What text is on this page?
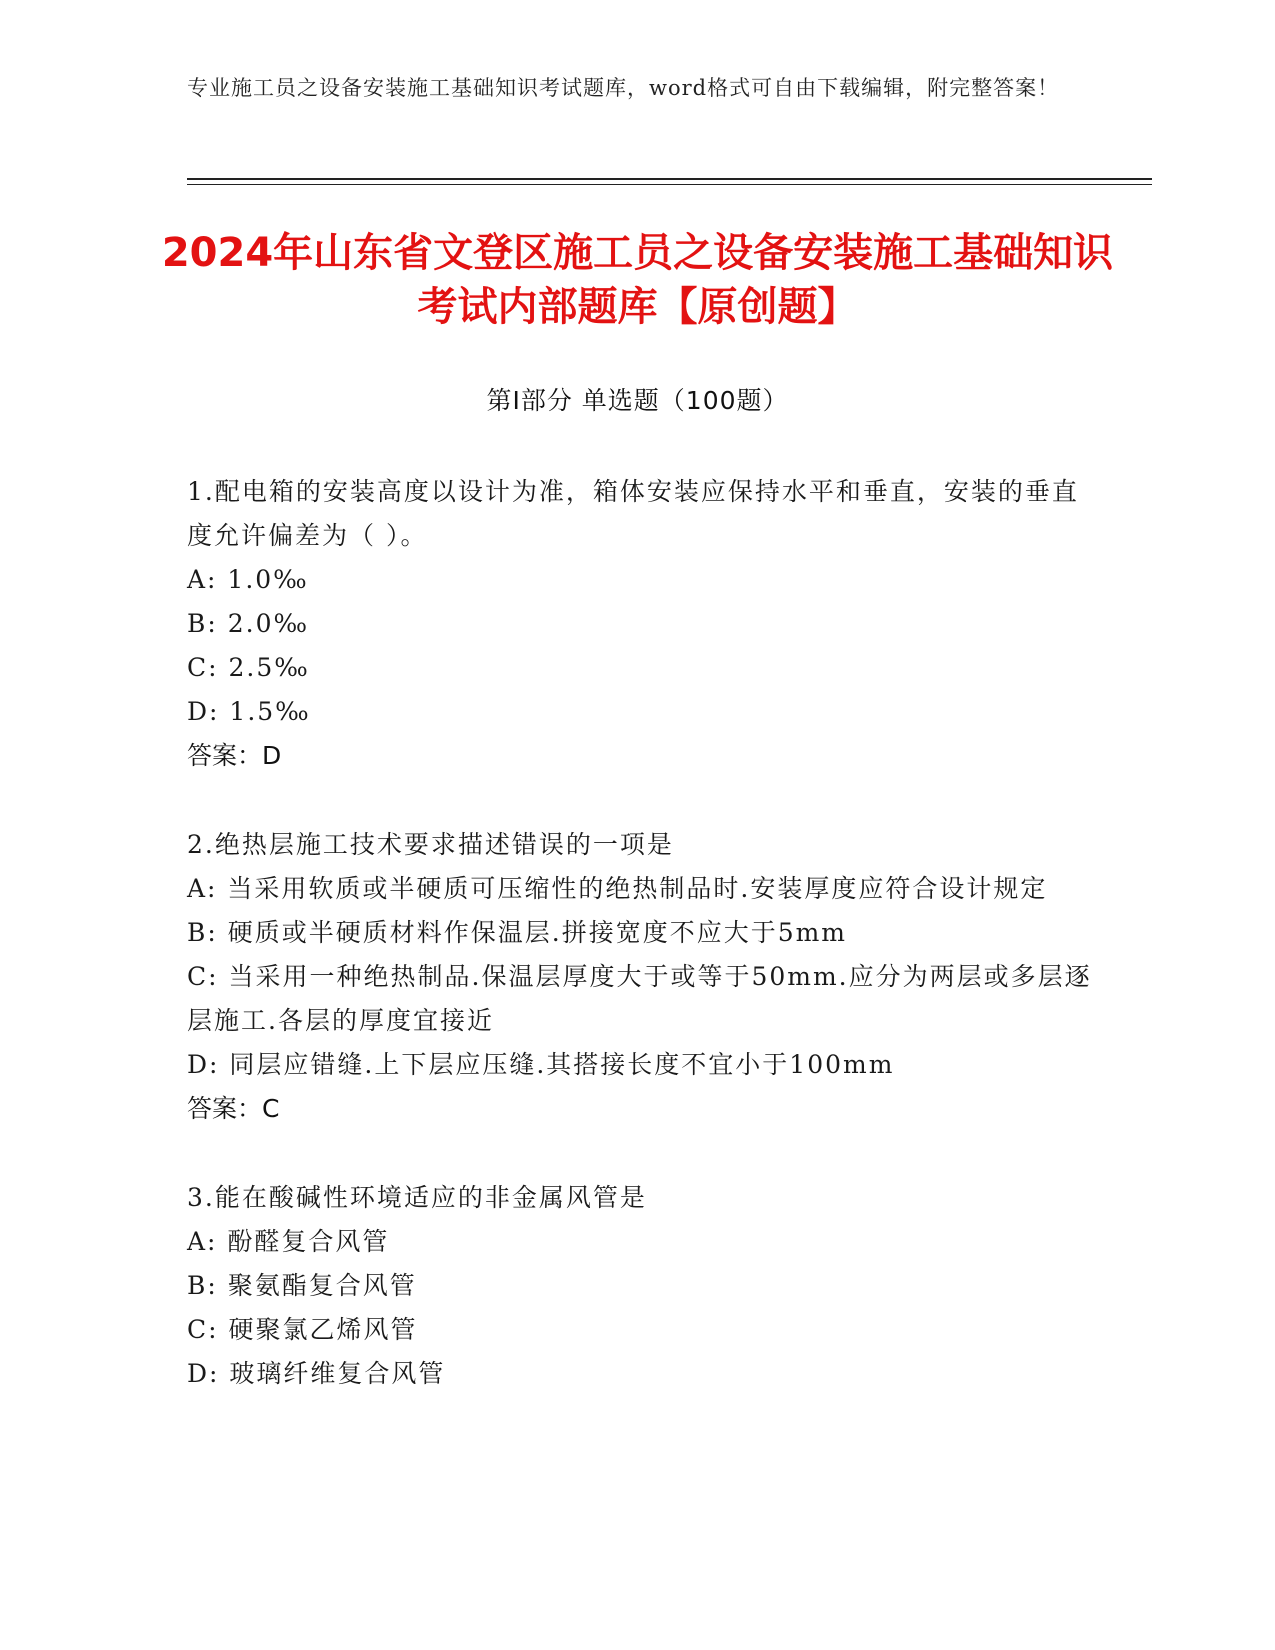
专业施工员之设备安装施工基础知识考试题库，word格式可自由下载编辑，附完整答案！
2024年山东省文登区施工员之设备安装施工基础知识考试内部题库【原创题】
第I部分 单选题（100题）
1.配电箱的安装高度以设计为准，箱体安装应保持水平和垂直，安装的垂直度允许偏差为（ ）。
A: 1.0‰
B: 2.0‰
C: 2.5‰
D: 1.5‰
答案：D
2.绝热层施工技术要求描述错误的一项是
A: 当采用软质或半硬质可压缩性的绝热制品时.安装厚度应符合设计规定
B: 硬质或半硬质材料作保温层.拼接宽度不应大于5mm
C: 当采用一种绝热制品.保温层厚度大于或等于50mm.应分为两层或多层逐层施工.各层的厚度宜接近
D: 同层应错缝.上下层应压缝.其搭接长度不宜小于100mm
答案：C
3.能在酸碱性环境适应的非金属风管是
A: 酚醛复合风管
B: 聚氨酯复合风管
C: 硬聚氯乙烯风管
D: 玻璃纤维复合风管
